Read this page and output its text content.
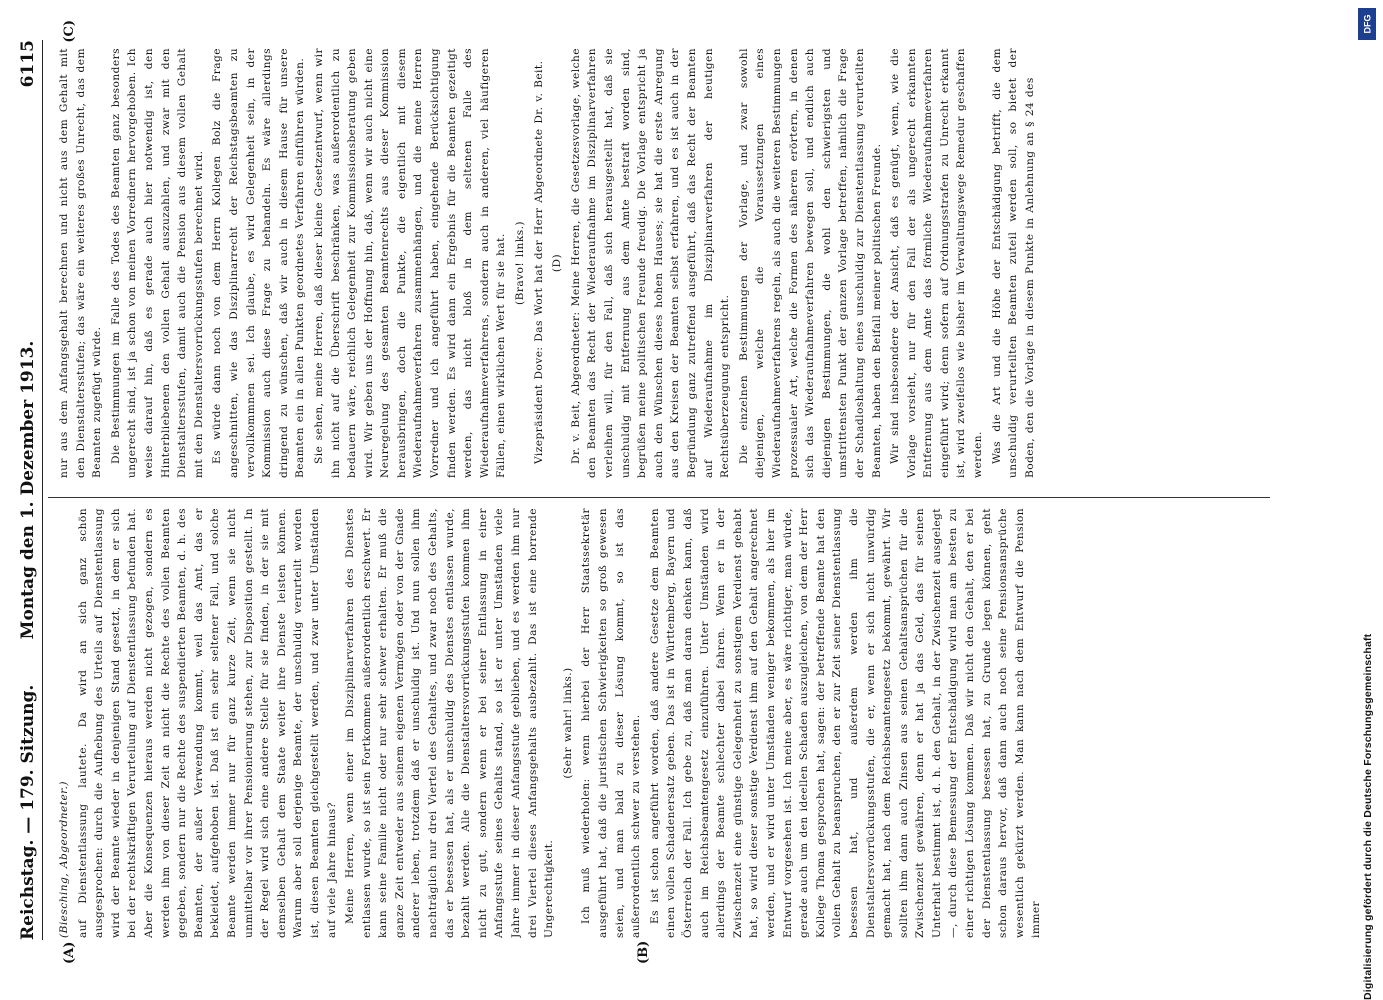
Reichstag. — 179. Sitzung.
Montag den 1. Dezember 1913.
6115
(A)	(B)

(Biesching, Abgeordneter.) auf Dienstentlassung lautete. Da wird an sich ganz schön ausgesprochen: durch die Aufhebung des Urteils auf Dienstentlassung wird der Beamte wieder in denjenigen Stand gesetzt, in dem er sich bei der rechtskräftigen Verurteilung auf Dienstentlassung befunden hat. Aber die Konsequenzen hieraus werden nicht gezogen, sondern es werden ihm von dieser Zeit an nicht die Rechte des vollen Beamten gegeben, sondern nur die Rechte des suspendierten Beamten, d. h. des Beamten, der außer Verwendung kommt, weil das Amt, das er bekleidet, aufgehoben ist. Daß ist ein sehr seltener Fall, und solche Beamte werden immer nur für ganz kurze Zeit, wenn sie nicht unmittelbar vor ihrer Pensionierung stehen, zur Disposition gestellt. In der Regel wird sich eine andere Stelle für sie finden, in der sie mit demselben Gehalt dem Staate weiter ihre Dienste leisten können. Warum aber soll derjenige Beamte, der unschuldig verurteilt worden ist, diesen Beamten gleichgestellt werden, und zwar unter Umständen auf viele Jahre hinaus? Meine Herren, wenn einer im Disziplinarverfahren des Dienstes entlassen wurde, so ist sein Fortkommen außerordentlich erschwert. Er kann seine Familie nicht oder nur sehr schwer erhalten. Er muß die ganze Zeit entweder aus seinem eigenen Vermögen oder von der Gnade anderer leben, trotzdem daß er unschuldig ist. Und nun sollen ihm nachträglich nur drei Viertel des Gehaltes, und zwar noch des Gehalts, das er besessen hat, als er unschuldig des Dienstes entlassen wurde, bezahlt werden. Alle die Dienstaltersvorrückungsstufen kommen ihm nicht zu gut, sondern wenn er bei seiner Entlassung in einer Anfangsstufe seines Gehalts stand, so ist er unter Umständen viele Jahre immer in dieser Anfangsstufe geblieben, und es werden ihm nur drei Viertel dieses Anfangsgehalts ausbezahlt. Das ist eine horrende Ungerechtigkeit.

(Sehr wahr! links.) Ich muß wiederholen: wenn hierbei der Herr Staatssekretär ausgeführt hat, daß die juristischen Schwierigkeiten so groß gewesen seien, und man bald zu dieser Lösung kommt, so ist das außerordentlich schwer zu verstehen. Es ist schon angeführt worden, daß andere Gesetze dem Beamten einen vollen Schadenersatz geben. Das ist in Württemberg, Bayern und Österreich der Fall. Ich gebe zu, daß man daran denken kann, daß auch im Reichsbeamtengesetz einzuführen. Unter Umständen wird allerdings der Beamte schlechter dabei fahren. Wenn er in der Zwischenzeit eine günstige Gelegenheit zu sonstigem Verdienst gehabt hat, so wird dieser sonstige Verdienst ihm auf den Gehalt angerechnet werden, und er wird unter Umständen weniger bekommen, als hier im Entwurf vorgesehen ist. Ich meine aber, es wäre richtiger, man würde, gerade auch um den ideellen Schaden auszugleichen, von dem der Herr Kollege Thoma gesprochen hat, sagen: der betreffende Beamte hat den vollen Gehalt zu beanspruchen, den er zur Zeit seiner Dienstentlassung besessen hat, und außerdem werden ihm die Dienstaltersvorrückungsstufen, die er, wenn er sich nicht unwürdig gemacht hat, nach dem Reichsbeamtengesetz bekommt, gewährt. Wir sollten ihm dann auch Zinsen aus seinen Gehaltsansprüchen für die Zwischenzeit gewähren, denn er hat ja das Geld, das für seinen Unterhalt bestimmt ist, d. h. den Gehalt, in der Zwischenzeit ausgelegt —, durch diese Bemessung der Entschädigung wird man am besten zu einer richtigen Lösung kommen. Daß wir nicht den Gehalt, den er bei der Dienstentlassung besessen hat, zu Grunde legen können, geht schon daraus hervor, daß dann auch noch seine Pensionsansprüche wesentlich gekürzt werden. Man kann nach dem Entwurf die Pension immer

nur aus dem Anfangsgehalt berechnen und nicht aus dem Gehalt mit den Dienstaltersstufen; das wäre ein weiteres großes Unrecht, das dem Beamten zugefügt würde. Die Bestimmungen im Falle des Todes des Beamten ganz besonders ungerecht sind, ist ja schon von meinen Vorrednern hervorgehoben. Ich weise darauf hin, daß es gerade auch hier notwendig ist, den Hinterbliebenen den vollen Gehalt auszuzahlen, und zwar mit den Dienstaltersstufen, damit auch die Pension aus diesem vollen Gehalt mit den Dienstaltersvorrückungsstufen berechnet wird. Es würde dann noch von dem Herrn Kollegen Bolz die Frage angeschnitten, wie das Disziplinarrecht der Reichstagsbeamten zu vervollkommnen sei. Ich glaube, es wird Gelegenheit sein, in der Kommission auch diese Frage zu behandeln. Es wäre allerdings dringend zu wünschen, daß wir auch in diesem Hause für unsere Beamten ein in allen Punkten geordnetes Verfahren einführen würden. Sie sehen, meine Herren, daß dieser kleine Gesetzentwurf, wenn wir ihn nicht auf die Überschrift beschränken, was außerordentlich zu bedauern wäre, reichlich Gelegenheit zur Kommissionsberatung geben wird. Wir geben uns der Hoffnung hin, daß, wenn wir auch nicht eine Neuregelung des gesamten Beamtenrechts aus dieser Kommission herausbringen, doch die Punkte, die eigentlich mit diesem Wiederaufnahmeverfahren zusammenhängen, und die meine Herren Vorredner und ich angeführt haben, eingehende Berücksichtigung finden werden. Es wird dann ein Ergebnis für die Beamten gezeitigt werden, das nicht bloß in dem seltenen Falle des Wiederaufnahmeverfahrens, sondern auch in anderen, viel häufigeren Fällen, einen wirklichen Wert für sie hat. (Bravo! links.) Vizepräsident Dove: Das Wort hat der Herr Abgeordnete Dr. v. Beit. (D) Dr. v. Beit, Abgeordneter: Meine Herren, die Gesetzesvorlage, welche den Beamten das Recht der Wiederaufnahme im Disziplinarverfahren verleihen will, für den Fall, daß sich herausgestellt hat, daß sie unschuldig mit Entfernung aus dem Amte bestraft worden sind, begrüßen meine politischen Freunde freudig. Die Vorlage entspricht ja auch den Wünschen dieses hohen Hauses; sie hat die erste Anregung aus den Kreisen der Beamten selbst erfahren, und es ist auch in der Begründung ganz zutreffend ausgeführt, daß das Recht der Beamten auf Wiederaufnahme im Disziplinarverfahren der heutigen Rechtsüberzeugung entspricht. Die einzelnen Bestimmungen der Vorlage, und zwar sowohl diejenigen, welche die Voraussetzungen eines Wiederaufnahmeverfahrens regeln, als auch die weiteren Bestimmungen prozessualer Art, welche die Formen des näheren erörtern, in denen sich das Wiederaufnahmeverfahren bewegen soll, und endlich auch diejenigen Bestimmungen, die wohl den schwierigsten und umstrittensten Punkt der ganzen Vorlage betreffen, nämlich die Frage der Schadloshaltung eines unschuldig zur Dienstentlassung verurteilten Beamten, haben den Beifall meiner politischen Freunde. Wir sind insbesondere der Ansicht, daß es genügt, wenn, wie die Vorlage vorsieht, nur für den Fall der als ungerecht erkannten Entfernung aus dem Amte das förmliche Wiederaufnahmeverfahren eingeführt wird; denn sofern auf Ordnungsstrafen zu Unrecht erkannt ist, wird zweifellos wie bisher im Verwaltungswege Remedur geschaffen werden. Was die Art und die Höhe der Entschädigung betrifft, die dem unschuldig verurteilten Beamten zuteil werden soll, so bietet der Boden, den die Vorlage in diesem Punkte in Anlehnung an § 24 des

(C)
Digitalisierung gefördert durch die Deutsche Forschungsgemeinschaft
DFG
